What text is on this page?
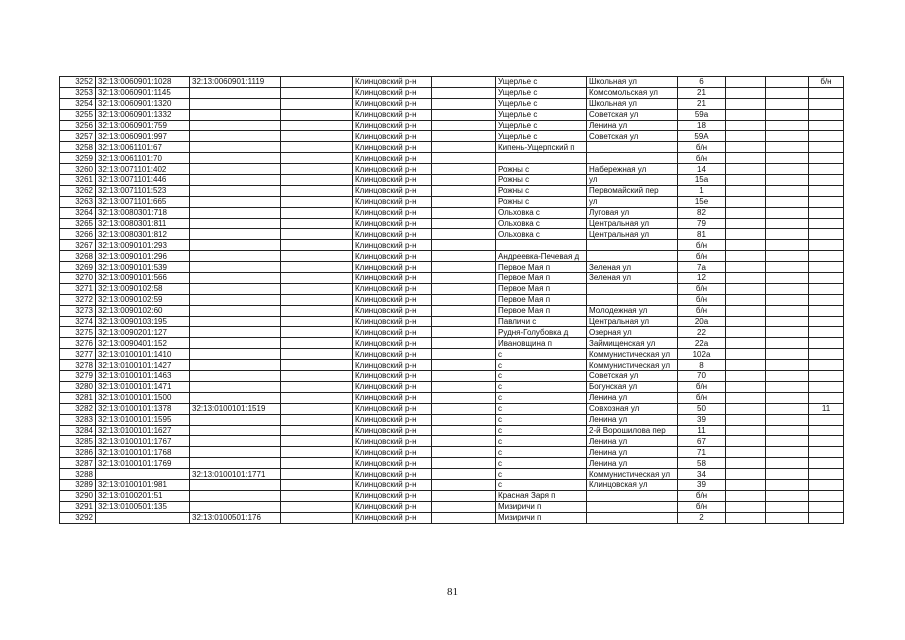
3252	32:13:0060901:1028	32:13:0060901:1119		Клинцовский р-н		Ущерлье с	Школьная ул	6			б/н
3253	32:13:0060901:1145			Клинцовский р-н		Ущерлье с	Комсомольская ул	21			
3254	32:13:0060901:1320			Клинцовский р-н		Ущерлье с	Школьная ул	21			
3255	32:13:0060901:1332			Клинцовский р-н		Ущерлье с	Советская ул	59а			
3256	32:13:0060901:759			Клинцовский р-н		Ущерлье с	Ленина ул	18			
3257	32:13:0060901:997			Клинцовский р-н		Ущерлье с	Советская ул	59А			
3258	32:13:0061101:67			Клинцовский р-н		Кипень-Ущерпский п		б/н			
3259	32:13:0061101:70			Клинцовский р-н				б/н			
3260	32:13:0071101:402			Клинцовский р-н		Рожны с	Набережная ул	14			
3261	32:13:0071101:446			Клинцовский р-н		Рожны с	ул	15а			
3262	32:13:0071101:523			Клинцовский р-н		Рожны с	Первомайский пер	1			
3263	32:13:0071101:665			Клинцовский р-н		Рожны с	ул	15е			
3264	32:13:0080301:718			Клинцовский р-н		Ольховка с	Луговая ул	82			
3265	32:13:0080301:811			Клинцовский р-н		Ольховка с	Центральная ул	79			
3266	32:13:0080301:812			Клинцовский р-н		Ольховка с	Центральная ул	81			
3267	32:13:0090101:293			Клинцовский р-н				б/н			
3268	32:13:0090101:296			Клинцовский р-н		Андреевка-Печевая д		б/н			
3269	32:13:0090101:539			Клинцовский р-н		Первое Мая п	Зеленая ул	7а			
3270	32:13:0090101:566			Клинцовский р-н		Первое Мая п	Зеленая ул	12			
3271	32:13:0090102:58			Клинцовский р-н		Первое Мая п		б/н			
3272	32:13:0090102:59			Клинцовский р-н		Первое Мая п		б/н			
3273	32:13:0090102:60			Клинцовский р-н		Первое Мая п	Молодежная ул	б/н			
3274	32:13:0090103:195			Клинцовский р-н		Павличи с	Центральная ул	20а			
3275	32:13:0090201:127			Клинцовский р-н		Рудня-Голубовка д	Озерная ул	22			
3276	32:13:0090401:152			Клинцовский р-н		Ивановщина п	Займищенская ул	22а			
3277	32:13:0100101:1410			Клинцовский р-н		с	Коммунистическая ул	102а			
3278	32:13:0100101:1427			Клинцовский р-н		с	Коммунистическая ул	8			
3279	32:13:0100101:1463			Клинцовский р-н		с	Советская ул	70			
3280	32:13:0100101:1471			Клинцовский р-н		с	Богунская ул	б/н			
3281	32:13:0100101:1500			Клинцовский р-н		с	Ленина ул	б/н			
3282	32:13:0100101:1378	32:13:0100101:1519		Клинцовский р-н		с	Совхозная ул	50			11
3283	32:13:0100101:1595			Клинцовский р-н		с	Ленина ул	39			
3284	32:13:0100101:1627			Клинцовский р-н		с	2-й Ворошилова пер	11			
3285	32:13:0100101:1767			Клинцовский р-н		с	Ленина ул	67			
3286	32:13:0100101:1768			Клинцовский р-н		с	Ленина ул	71			
3287	32:13:0100101:1769			Клинцовский р-н		с	Ленина ул	58			
3288		32:13:0100101:1771		Клинцовский р-н		с	Коммунистическая ул	34			
3289	32:13:0100101:981			Клинцовский р-н		с	Клинцовская ул	39			
3290	32:13:0100201:51			Клинцовский р-н		Красная Заря п		б/н			
3291	32:13:0100501:135			Клинцовский р-н		Мизиричи п		б/н			
3292		32:13:0100501:176		Клинцовский р-н		Мизиричи п		2			
81
